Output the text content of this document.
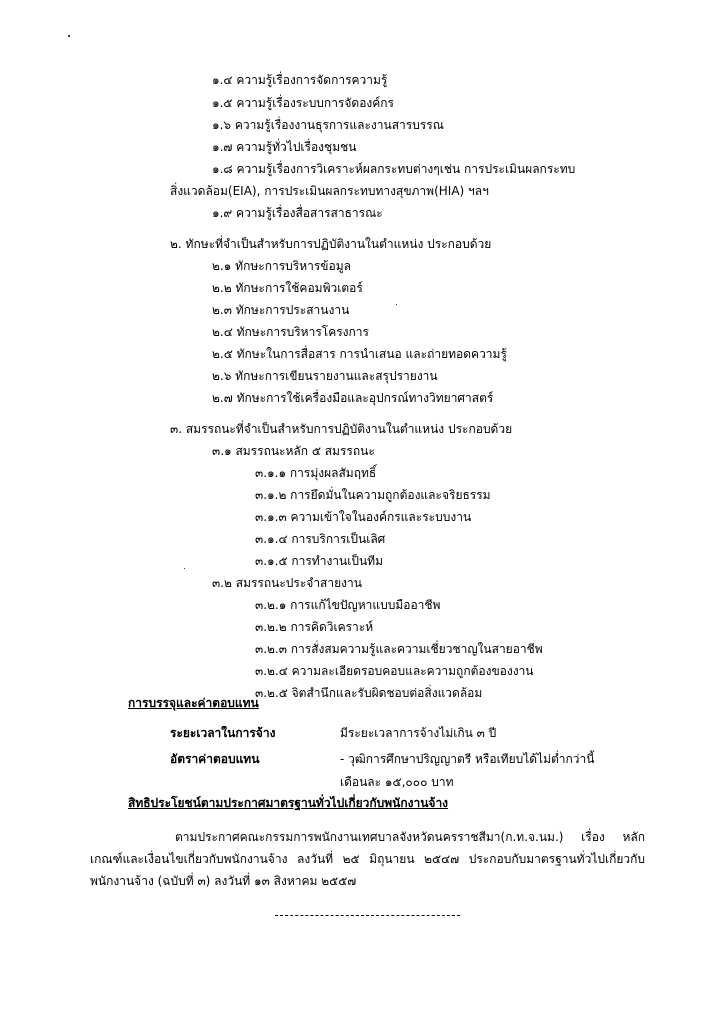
๑.๔ ความรู้เรื่องการจัดการความรู้
๑.๕ ความรู้เรื่องระบบการจัดองค์กร
๑.๖ ความรู้เรื่องงานธุรการและงานสารบรรณ
๑.๗ ความรู้ทั่วไปเรื่องชุมชน
๑.๘ ความรู้เรื่องการวิเคราะห์ผลกระทบต่างๆเช่น การประเมินผลกระทบ
สิ่งแวดล้อม(EIA), การประเมินผลกระทบทางสุขภาพ(HIA) ฯลฯ
๑.๙ ความรู้เรื่องสื่อสารสาธารณะ
๒. ทักษะที่จำเป็นสำหรับการปฏิบัติงานในตำแหน่ง ประกอบด้วย
๒.๑ ทักษะการบริหารข้อมูล
๒.๒ ทักษะการใช้คอมพิวเตอร์
๒.๓ ทักษะการประสานงาน
๒.๔ ทักษะการบริหารโครงการ
๒.๕ ทักษะในการสื่อสาร การนำเสนอ และถ่ายทอดความรู้
๒.๖ ทักษะการเขียนรายงานและสรุปรายงาน
๒.๗ ทักษะการใช้เครื่องมือและอุปกรณ์ทางวิทยาศาสตร์
๓. สมรรถนะที่จำเป็นสำหรับการปฏิบัติงานในตำแหน่ง ประกอบด้วย
๓.๑ สมรรถนะหลัก ๕ สมรรถนะ
๓.๑.๑ การมุ่งผลสัมฤทธิ์
๓.๑.๒ การยึดมั่นในความถูกต้องและจริยธรรม
๓.๑.๓ ความเข้าใจในองค์กรและระบบงาน
๓.๑.๔ การบริการเป็นเลิศ
๓.๑.๕ การทำงานเป็นทีม
๓.๒ สมรรถนะประจำสายงาน
๓.๒.๑ การแก้ไขปัญหาแบบมืออาชีพ
๓.๒.๒ การคิดวิเคราะห์
๓.๒.๓ การสั่งสมความรู้และความเชี่ยวชาญในสายอาชีพ
๓.๒.๔ ความละเอียดรอบคอบและความถูกต้องของงาน
๓.๒.๕ จิตสำนึกและรับผิดชอบต่อสิ่งแวดล้อม
การบรรจุและค่าตอบแทน
ระยะเวลาในการจ้าง	มีระยะเวลาการจ้างไม่เกิน ๓ ปี
อัตราค่าตอบแทน	- วุฒิการศึกษาปริญญาตรี หรือเทียบได้ไม่ต่ำกว่านี้
เดือนละ ๑๕,๐๐๐ บาท
สิทธิประโยชน์ตามประกาศมาตรฐานทั่วไปเกี่ยวกับพนักงานจ้าง
ตามประกาศคณะกรรมการพนักงานเทศบาลจังหวัดนครราชสีมา(ก.ท.จ.นม.) เรื่อง หลักเกณฑ์และเงื่อนไขเกี่ยวกับพนักงานจ้าง ลงวันที่ ๒๕ มิถุนายน ๒๕๔๗ ประกอบกับมาตรฐานทั่วไปเกี่ยวกับพนักงานจ้าง (ฉบับที่ ๓) ลงวันที่ ๑๓ สิงหาคม ๒๕๕๗
